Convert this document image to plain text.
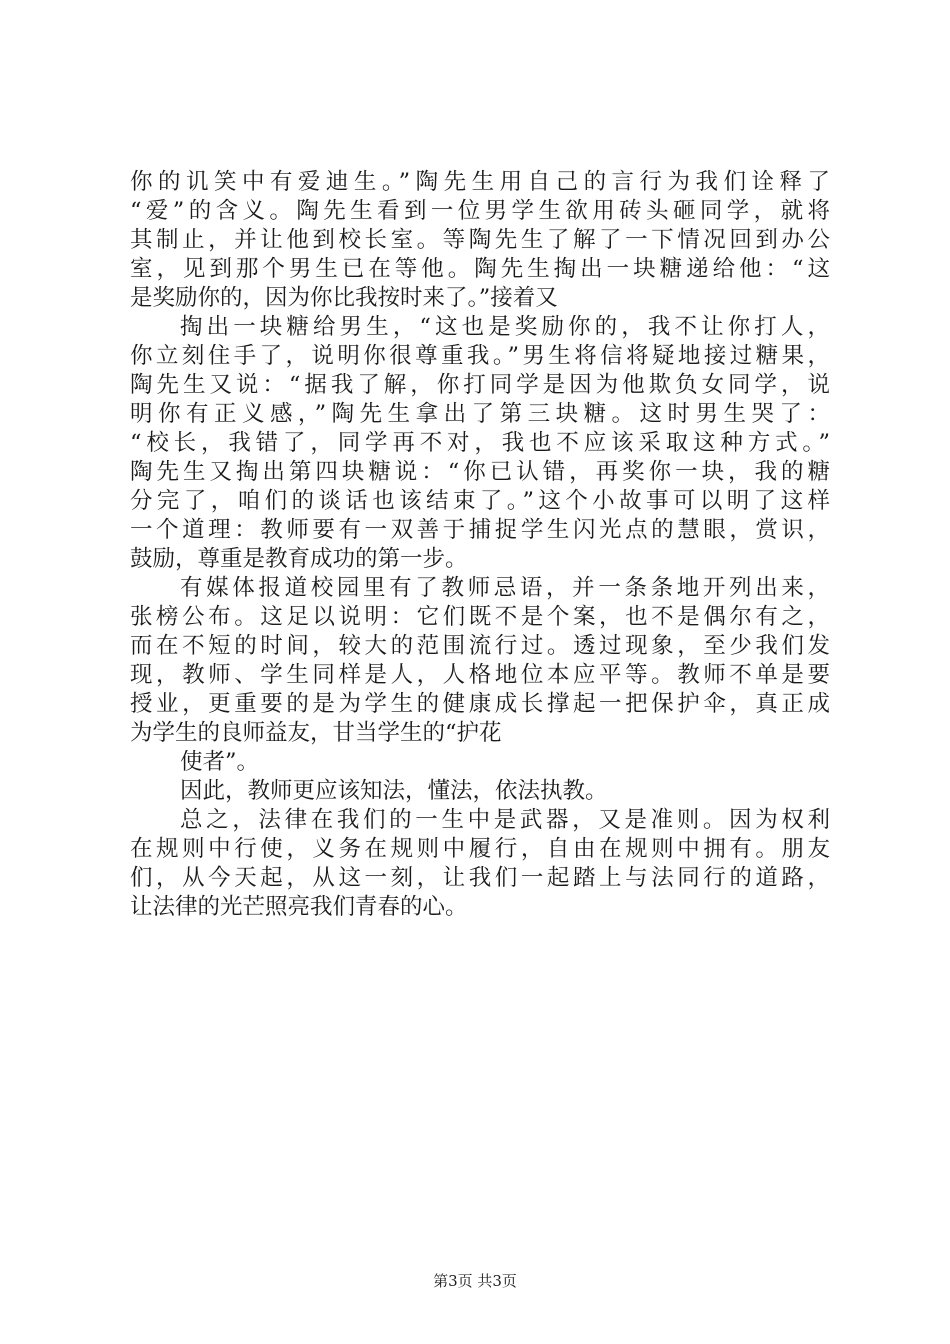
你的讥笑中有爱迪生。”陶先生用自己的言行为我们诠释了
“爱”的含义。陶先生看到一位男学生欲用砖头砸同学，就将
其制止，并让他到校长室。等陶先生了解了一下情况回到办公
室，见到那个男生已在等他。陶先生掏出一块糖递给他：“这
是奖励你的，因为你比我按时来了。”接着又
掏出一块糖给男生，“这也是奖励你的，我不让你打人，
你立刻住手了，说明你很尊重我。”男生将信将疑地接过糖果，
陶先生又说：“据我了解，你打同学是因为他欺负女同学，说
明你有正义感，”陶先生拿出了第三块糖。这时男生哭了：
“校长，我错了，同学再不对，我也不应该采取这种方式。”
陶先生又掏出第四块糖说：“你已认错，再奖你一块，我的糖
分完了，咱们的谈话也该结束了。”这个小故事可以明了这样
一个道理：教师要有一双善于捕捉学生闪光点的慧眼，赏识，
鼓励，尊重是教育成功的第一步。
有媒体报道校园里有了教师忌语，并一条条地开列出来，
张榜公布。这足以说明：它们既不是个案，也不是偶尔有之，
而在不短的时间，较大的范围流行过。透过现象，至少我们发
现，教师、学生同样是人，人格地位本应平等。教师不单是要
授业，更重要的是为学生的健康成长撑起一把保护伞，真正成
为学生的良师益友，甘当学生的“护花
使者”。
因此，教师更应该知法，懂法，依法执教。
总之，法律在我们的一生中是武器，又是准则。因为权利
在规则中行使，义务在规则中履行，自由在规则中拥有。朋友
们，从今天起，从这一刻，让我们一起踏上与法同行的道路，
让法律的光芒照亮我们青春的心。
第3页 共3页
